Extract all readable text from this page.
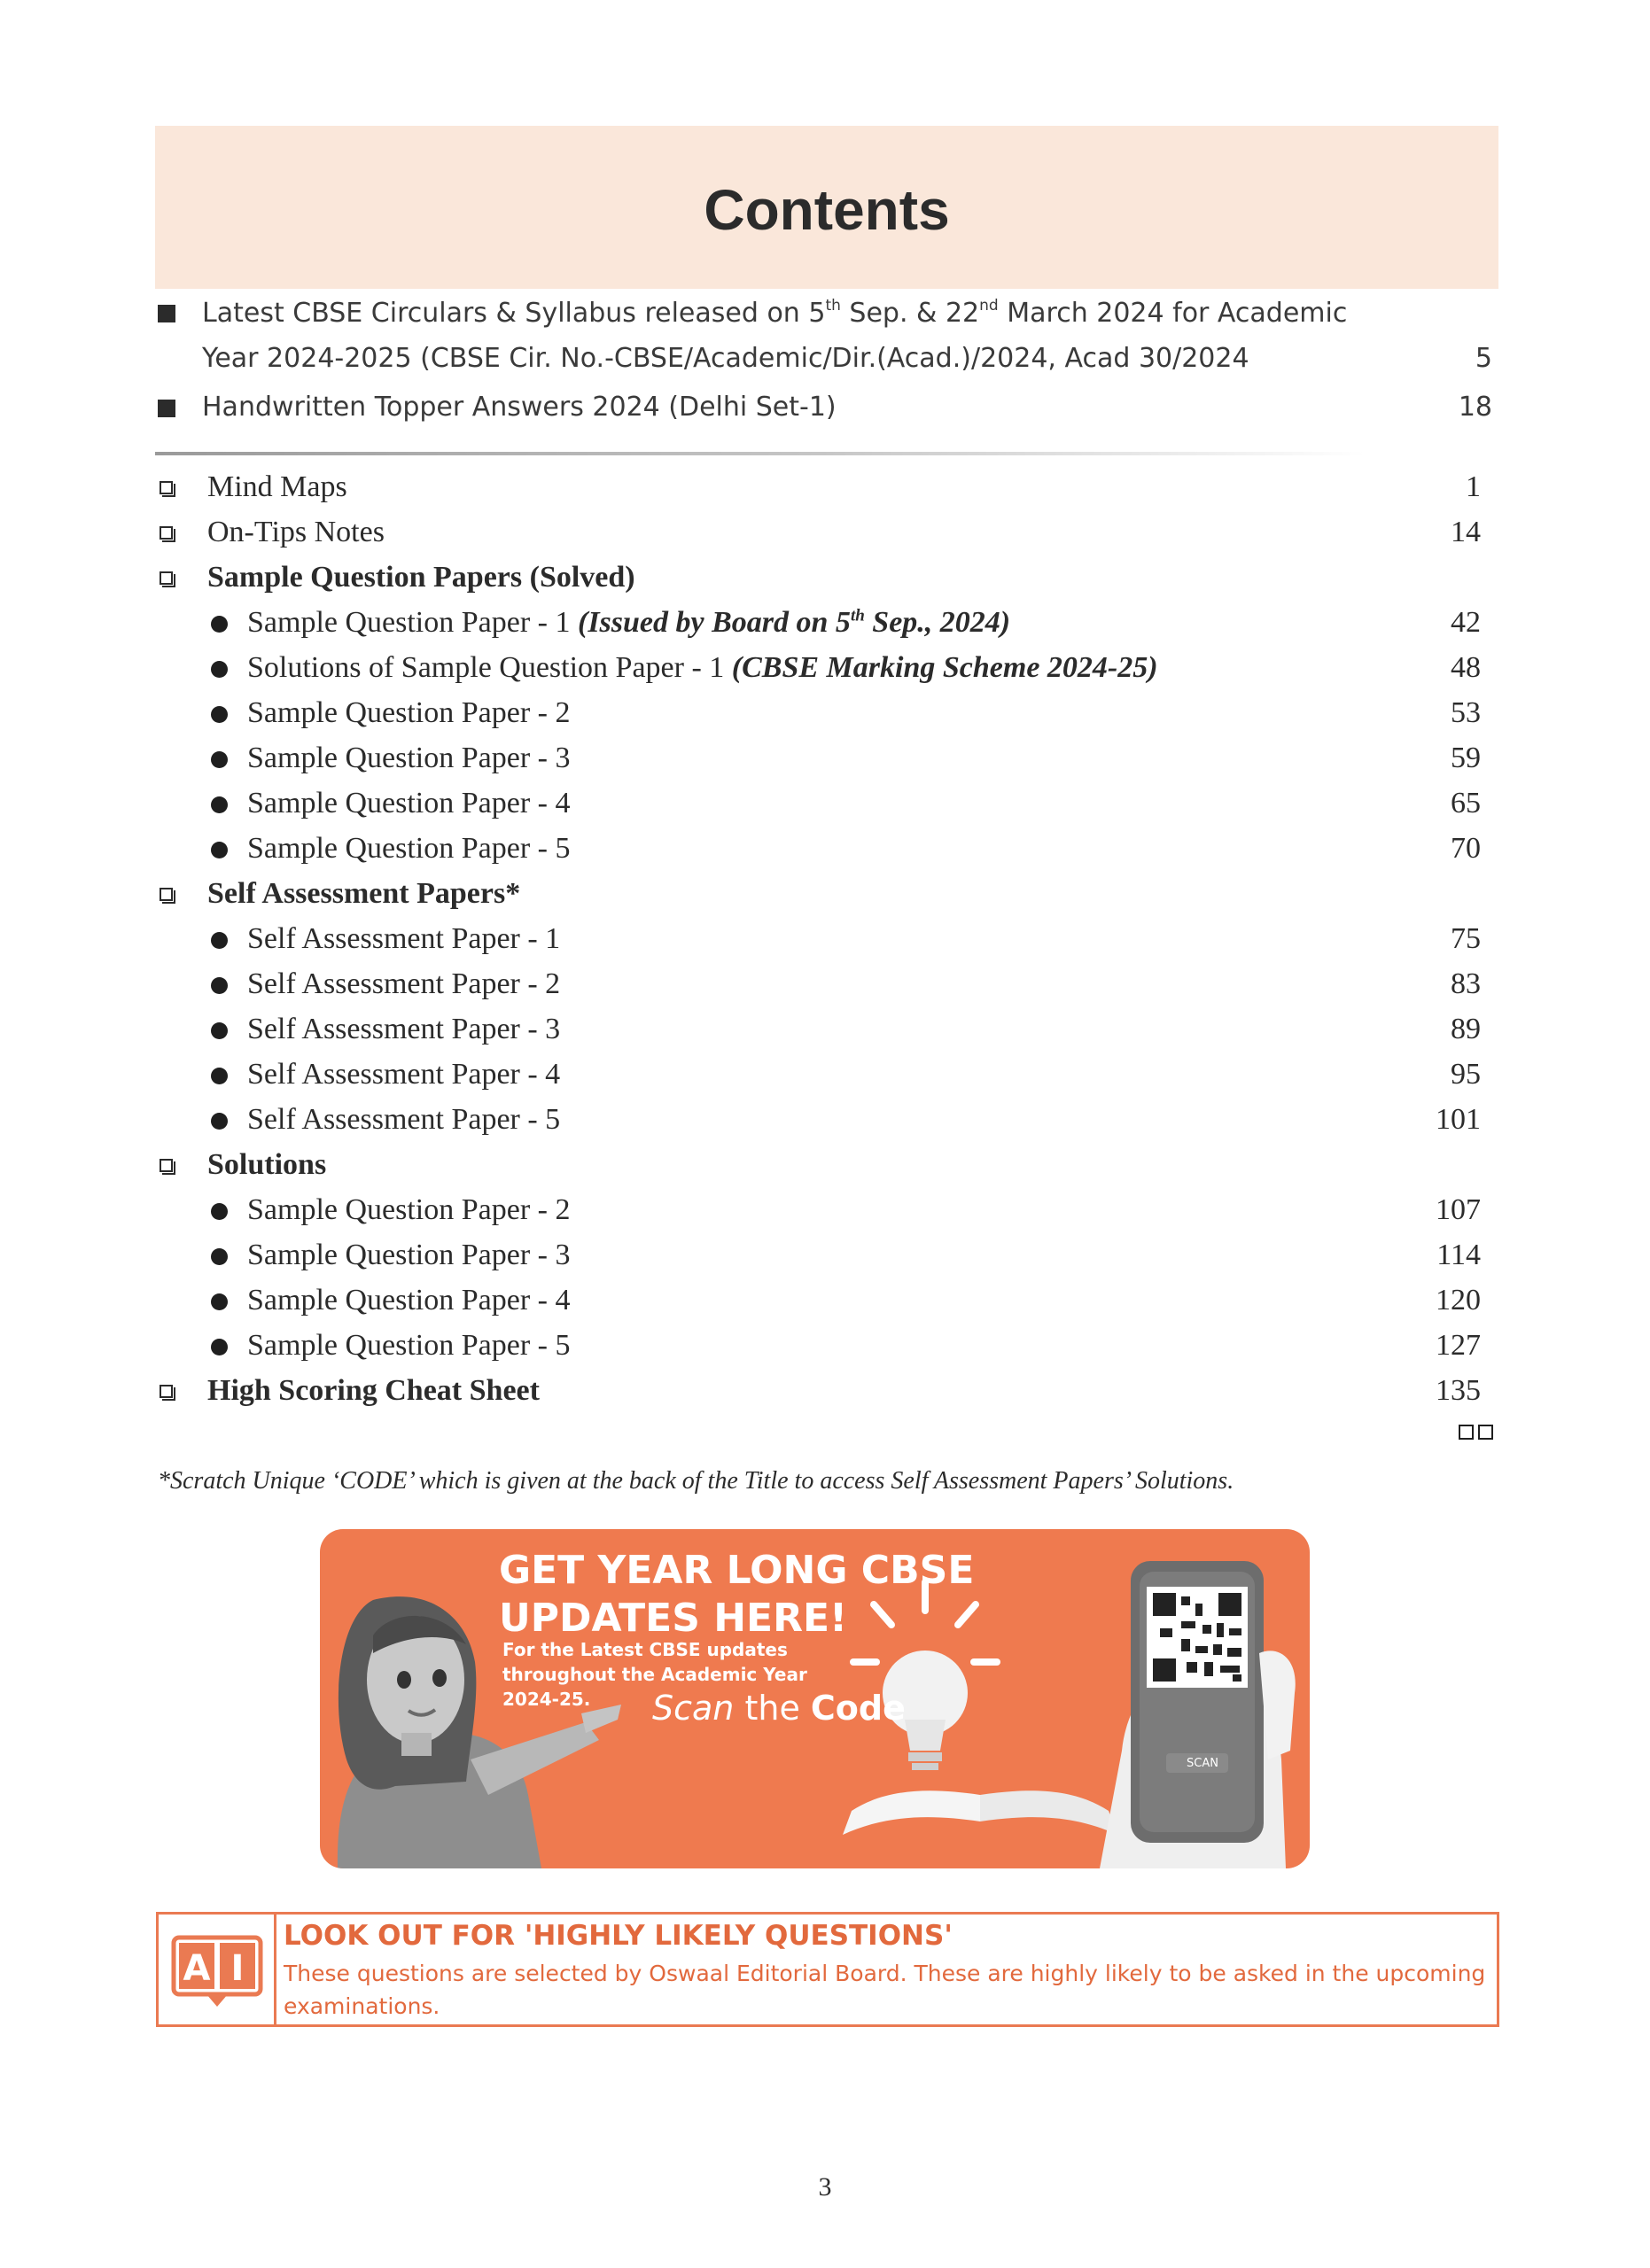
Contents
Latest CBSE Circulars & Syllabus released on 5th Sep. & 22nd March 2024 for Academic
Year 2024-2025 (CBSE Cir. No.-CBSE/Academic/Dir.(Acad.)/2024, Acad 30/2024	5
Handwritten Topper Answers 2024 (Delhi Set-1)	18
Mind Maps	1
On-Tips Notes	14
Sample Question Papers (Solved)
Sample Question Paper - 1 (Issued by Board on 5th Sep., 2024)	42
Solutions of Sample Question Paper - 1 (CBSE Marking Scheme 2024-25)	48
Sample Question Paper - 2	53
Sample Question Paper - 3	59
Sample Question Paper - 4	65
Sample Question Paper - 5	70
Self Assessment Papers*
Self Assessment Paper - 1	75
Self Assessment Paper - 2	83
Self Assessment Paper - 3	89
Self Assessment Paper - 4	95
Self Assessment Paper - 5	101
Solutions
Sample Question Paper - 2	107
Sample Question Paper - 3	114
Sample Question Paper - 4	120
Sample Question Paper - 5	127
High Scoring Cheat Sheet	135
*Scratch Unique ‘CODE’ which is given at the back of the Title to access Self Assessment Papers’ Solutions.
GET YEAR LONG CBSE
UPDATES HERE!
For the Latest CBSE updates
throughout the Academic Year
2024-25.	Scan the Code
SCAN
A I
LOOK OUT FOR 'HIGHLY LIKELY QUESTIONS'
These questions are selected by Oswaal Editorial Board. These are highly likely to be asked in the upcoming examinations.
3
